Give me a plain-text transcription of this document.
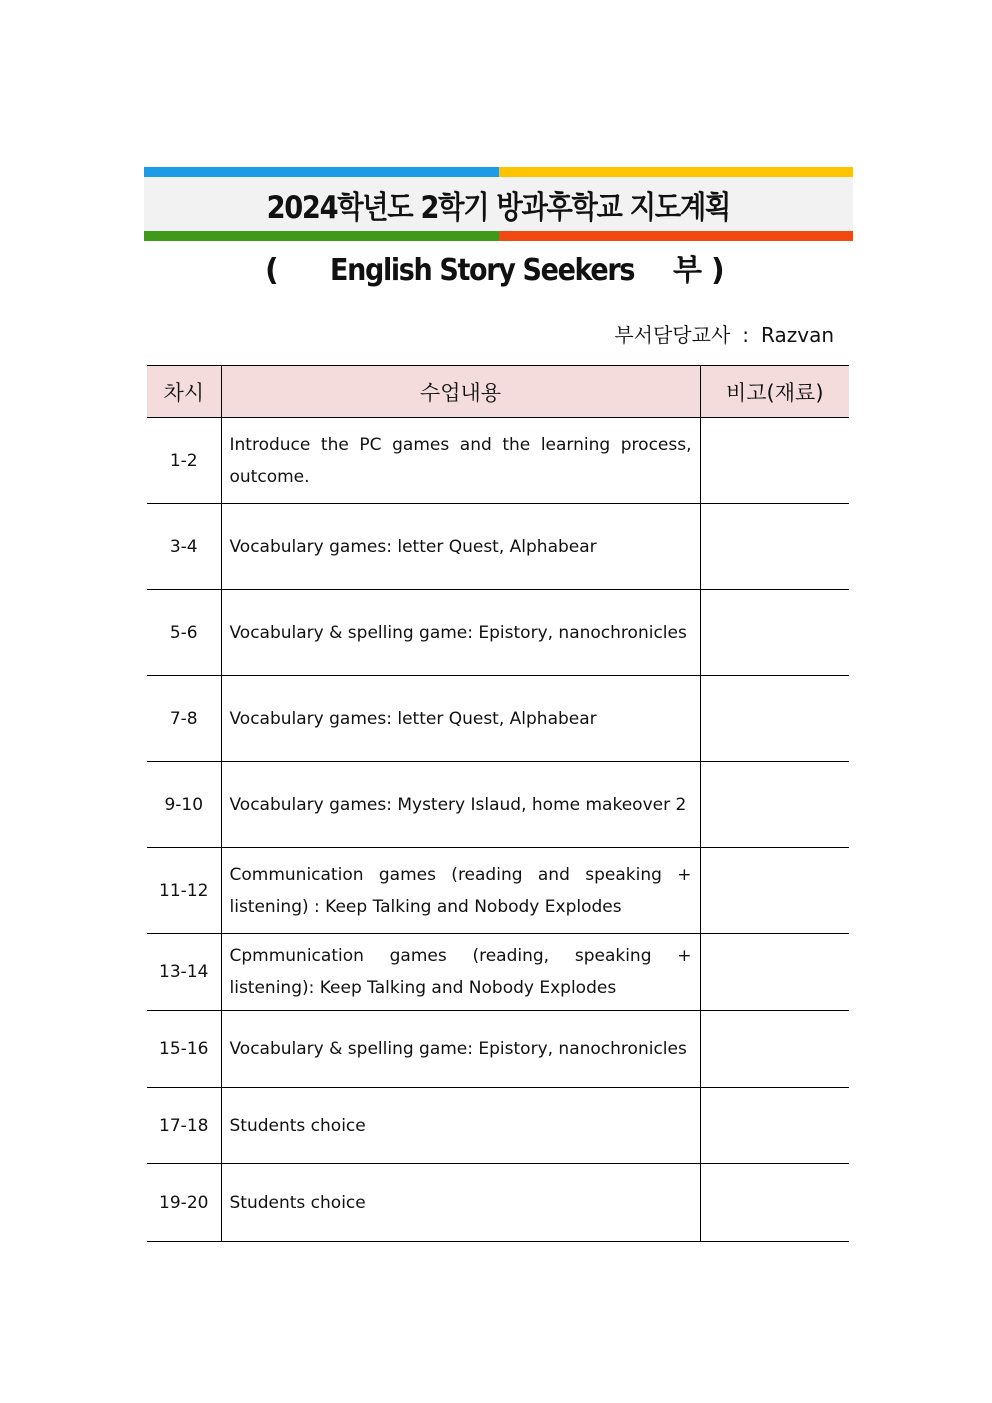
2024학년도 2학기 방과후학교 지도계획
( English Story Seekers 부 )
부서담당교사 : Razvan
차시	수업내용	비고(재료)
1-2	Introduce the PC games and the learning process, outcome.	
3-4	Vocabulary games: letter Quest, Alphabear	
5-6	Vocabulary & spelling game: Epistory, nanochronicles	
7-8	Vocabulary games: letter Quest, Alphabear	
9-10	Vocabulary games: Mystery Islaud, home makeover 2	
11-12	Communication games (reading and speaking + listening) : Keep Talking and Nobody Explodes	
13-14	Cpmmunication games (reading, speaking + listening): Keep Talking and Nobody Explodes	
15-16	Vocabulary & spelling game: Epistory, nanochronicles	
17-18	Students choice	
19-20	Students choice	
